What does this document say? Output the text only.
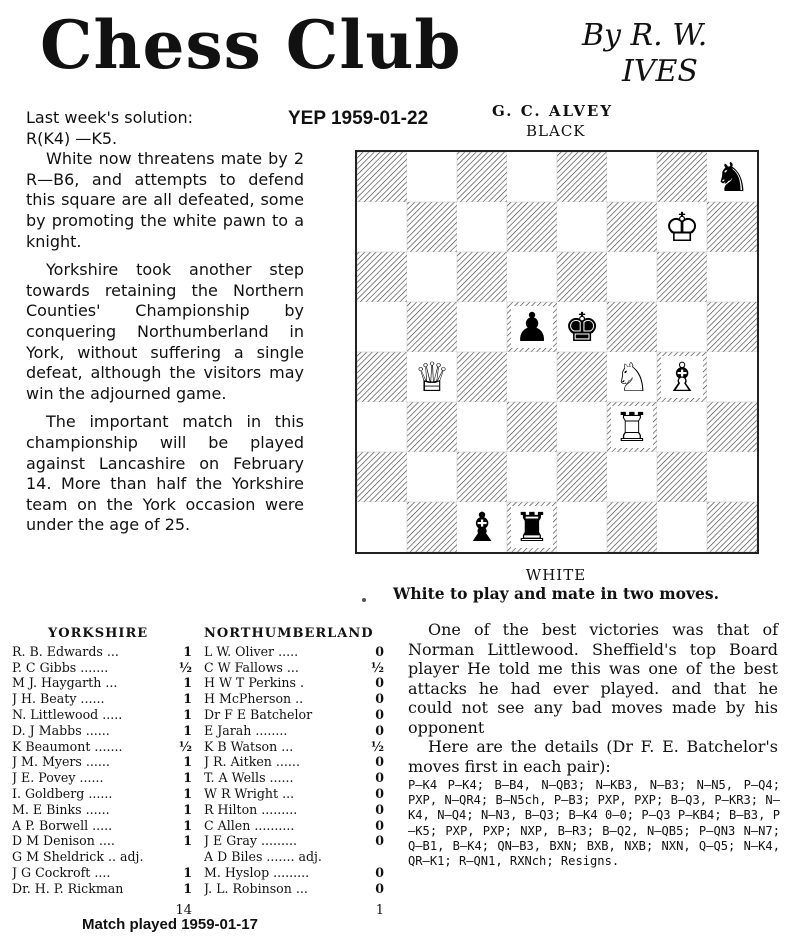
Chess Club	By R. W.
IVES
YEP 1959-01-22	G. C. ALVEY
BLACK

Last week's solution:

R(K4) —K5.

White now threatens mate by 2 R—B6, and attempts to defend this square are all defeated, some by promoting the white pawn to a knight.

Yorkshire took another step towards retaining the Northern Counties' Championship by conquering Northumberland in York, without suffering a single defeat, although the visitors may win the adjourned game.

The important match in this championship will be played against Lancashire on February 14. More than half the Yorkshire team on the York occasion were under the age of 25.

♞
♔
♟ ♚
♕	♘ ♗
♖
♝ ♜
WHITE
White to play and mate in two moves.
YORKSHIRE
R. B. Edwards ...	1
P. C Gibbs .......	½
M J. Haygarth ...	1
J H. Beaty ......	1
N. Littlewood .....	1
D. J Mabbs ......	1
K Beaumont .......	½
J M. Myers ......	1
J E. Povey ......	1
I. Goldberg ......	1
M. E Binks ......	1
A P. Borwell .....	1
D M Denison ....	1
G M Sheldrick .. adj.
J G Cockroft ....	1
Dr. H. P. Rickman	1
14
NORTHUMBERLAND
L W. Oliver .....	0
C W Fallows ...	½
H W T Perkins .	0
H McPherson ..	0
Dr F E Batchelor	0
E Jarah ........	0
K B Watson ...	½
J R. Aitken ......	0
T. A Wells ......	0
W R Wright ...	0
R Hilton .........	0
C Allen ..........	0
J E Gray .........	0
A D Biles ....... adj.
M. Hyslop .........	0
J. L. Robinson ...	0
1

One of the best victories was that of Norman Littlewood. Sheffield's top Board player He told me this was one of the best attacks he had ever played. and that he could not see any bad moves made by his opponent

Here are the details (Dr F. E. Batchelor's moves first in each pair):

P—K4 P—K4; B—B4, N—QB3; N—KB3, N—B3; N—N5, P—Q4; PXP, N—QR4; B—N5ch, P—B3; PXP, PXP; B—Q3, P—KR3; N—K4, N—Q4; N—N3, B—Q3; B—K4 0—0; P—Q3 P—KB4; B—B3, P—K5; PXP, PXP; NXP, B—R3; B—Q2, N—QB5; P—QN3 N—N7; Q—B1, B—K4; QN—B3, BXN; BXB, NXB; NXN, Q—Q5; N—K4, QR—K1; R—QN1, RXNch; Resigns.
Match played 1959-01-17
